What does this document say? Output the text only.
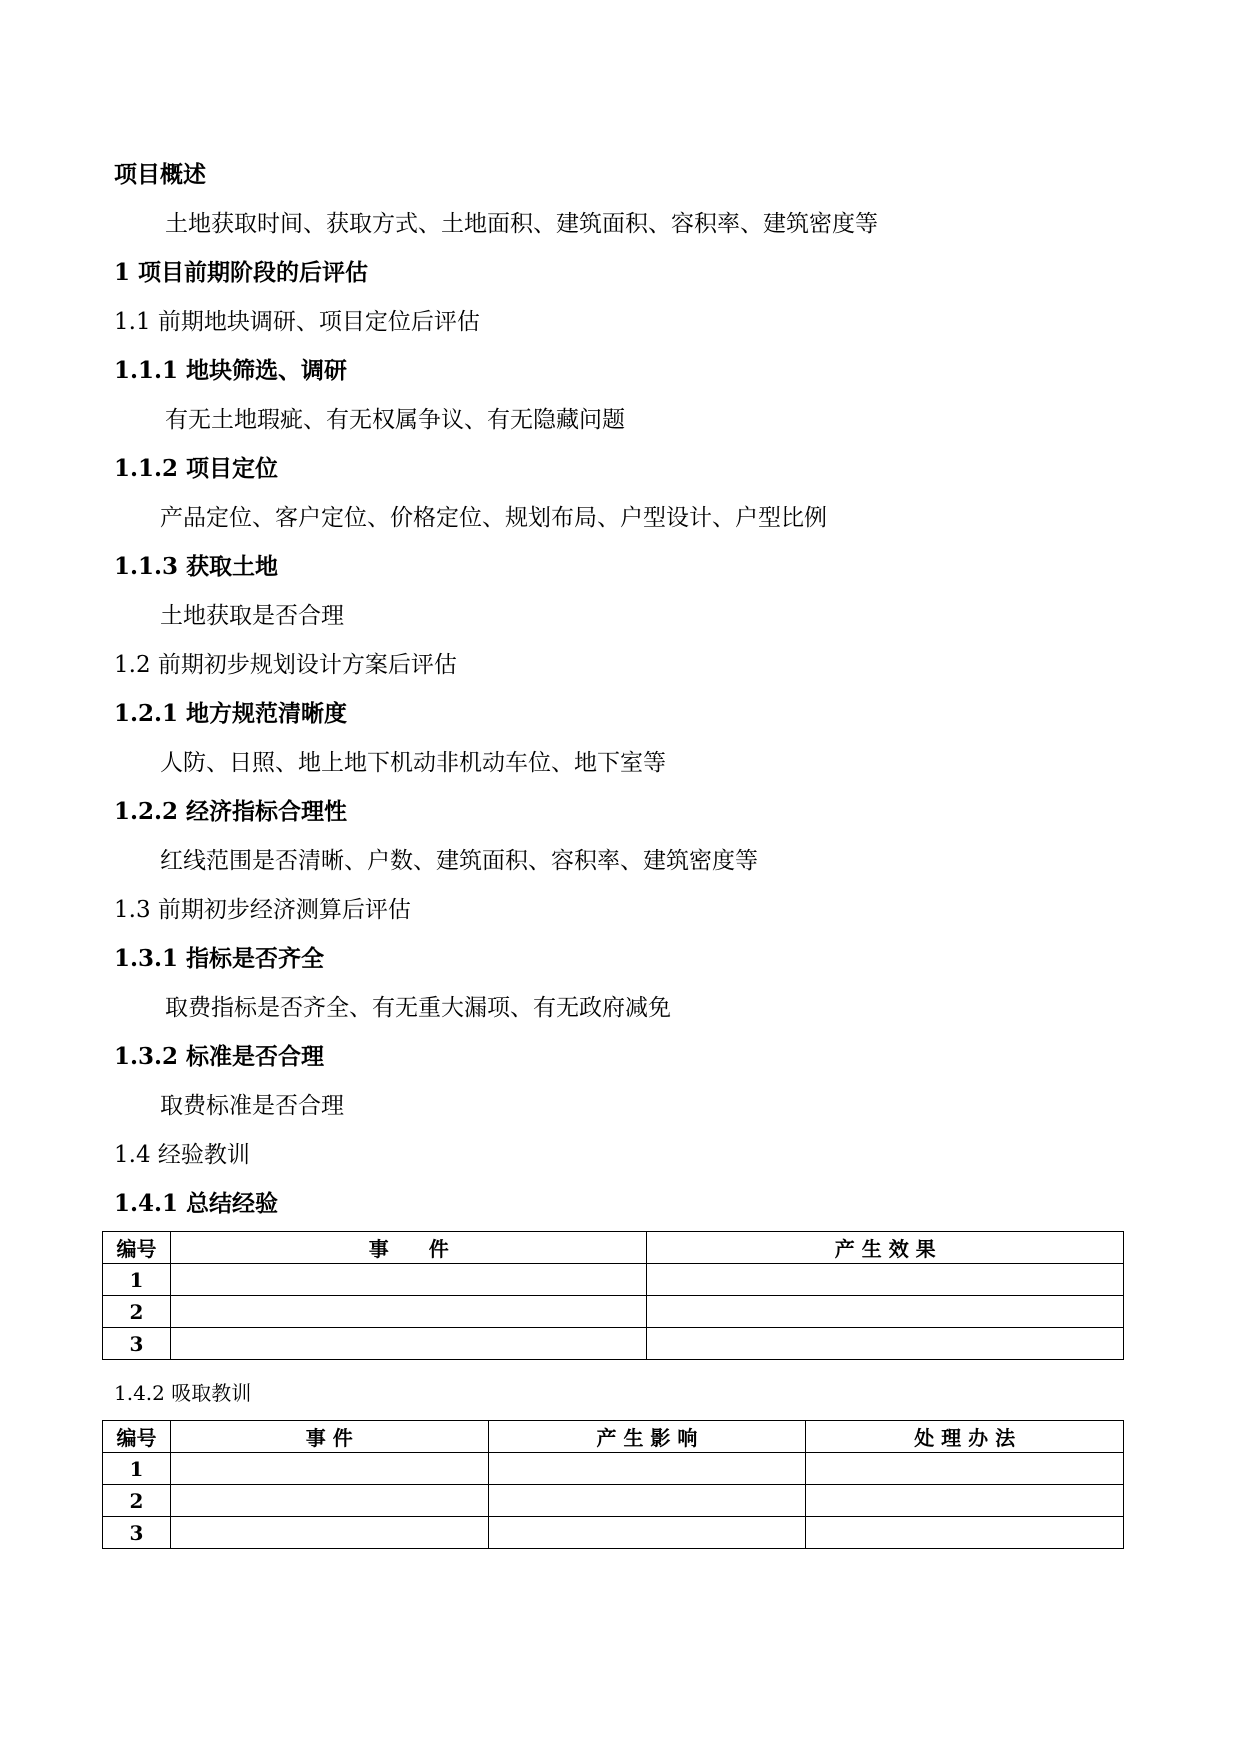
项目概述
土地获取时间、获取方式、土地面积、建筑面积、容积率、建筑密度等
1 项目前期阶段的后评估
1.1 前期地块调研、项目定位后评估
1.1.1 地块筛选、调研
有无土地瑕疵、有无权属争议、有无隐藏问题
1.1.2 项目定位
产品定位、客户定位、价格定位、规划布局、户型设计、户型比例
1.1.3 获取土地
土地获取是否合理
1.2 前期初步规划设计方案后评估
1.2.1 地方规范清晰度
人防、日照、地上地下机动非机动车位、地下室等
1.2.2 经济指标合理性
红线范围是否清晰、户数、建筑面积、容积率、建筑密度等
1.3 前期初步经济测算后评估
1.3.1 指标是否齐全
取费指标是否齐全、有无重大漏项、有无政府减免
1.3.2 标准是否合理
取费标准是否合理
1.4 经验教训
1.4.1 总结经验
编号	事　　件	产 生 效 果
1		
2		
3		
1.4.2 吸取教训
编号	事 件	产 生 影 响	处 理 办 法
1			
2			
3			
